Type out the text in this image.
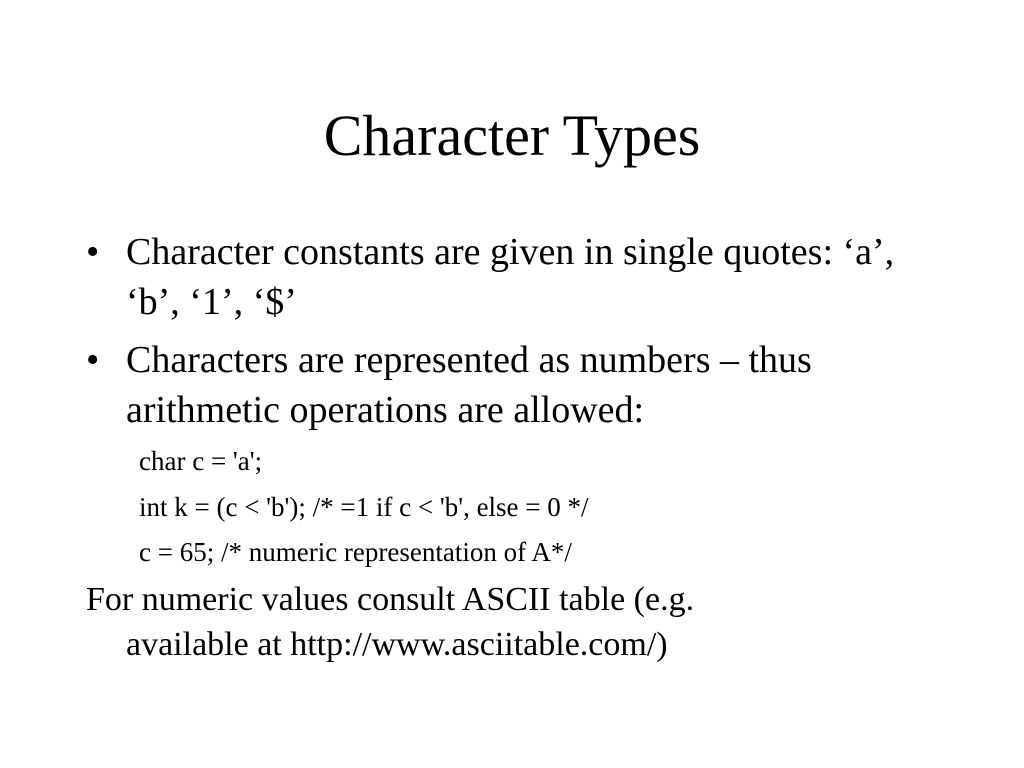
Character Types
• Character constants are given in single quotes: ‘a’, ‘b’, ‘1’, ‘$’
• Characters are represented as numbers – thus arithmetic operations are allowed:
char c = 'a';
int k = (c < 'b'); /* =1 if c < 'b', else = 0 */
c = 65; /* numeric representation of A*/
For numeric values consult ASCII table (e.g.
available at http://www.asciitable.com/)
